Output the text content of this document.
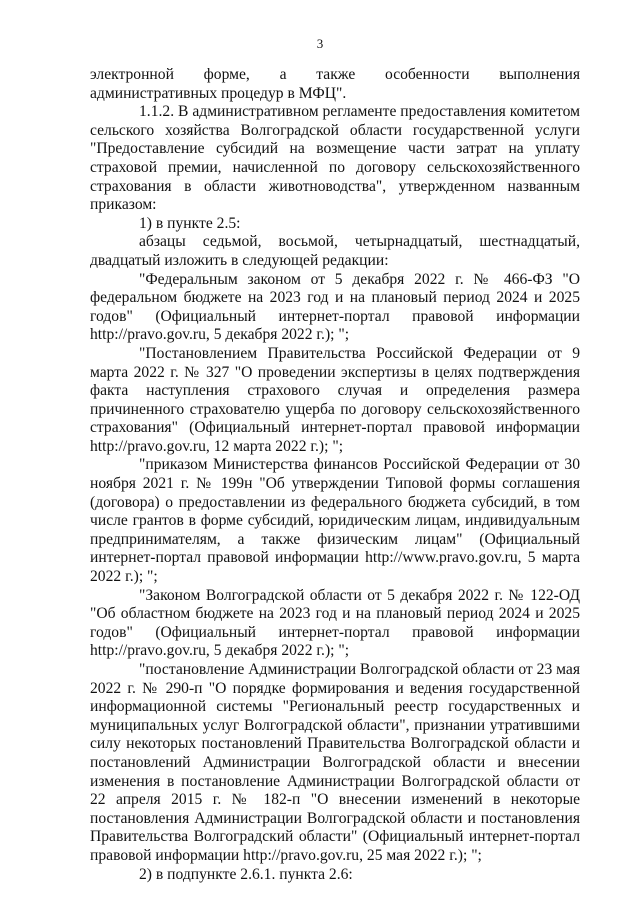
3

электронной форме, а также особенности выполнения административных процедур в МФЦ".

1.1.2. В административном регламенте предоставления комитетом сельского хозяйства Волгоградской области государственной услуги "Предоставление субсидий на возмещение части затрат на уплату страховой премии, начисленной по договору сельскохозяйственного страхования в области животноводства", утвержденном названным приказом:

1) в пункте 2.5:

абзацы седьмой, восьмой, четырнадцатый, шестнадцатый, двадцатый изложить в следующей редакции:

"Федеральным законом от 5 декабря 2022 г. № 466-ФЗ "О федеральном бюджете на 2023 год и на плановый период 2024 и 2025 годов" (Официальный интернет-портал правовой информации http://pravo.gov.ru, 5 декабря 2022 г.); ";

"Постановлением Правительства Российской Федерации от 9 марта 2022 г. № 327 "О проведении экспертизы в целях подтверждения факта наступления страхового случая и определения размера причиненного страхователю ущерба по договору сельскохозяйственного страхования" (Официальный интернет-портал правовой информации http://pravo.gov.ru, 12 марта 2022 г.); ";

"приказом Министерства финансов Российской Федерации от 30 ноября 2021 г. № 199н "Об утверждении Типовой формы соглашения (договора) о предоставлении из федерального бюджета субсидий, в том числе грантов в форме субсидий, юридическим лицам, индивидуальным предпринимателям, а также физическим лицам" (Официальный интернет-портал правовой информации http://www.pravo.gov.ru, 5 марта 2022 г.); ";

"Законом Волгоградской области от 5 декабря 2022 г. № 122-ОД "Об областном бюджете на 2023 год и на плановый период 2024 и 2025 годов" (Официальный интернет-портал правовой информации http://pravo.gov.ru, 5 декабря 2022 г.); ";

"постановление Администрации Волгоградской области от 23 мая 2022 г. № 290-п "О порядке формирования и ведения государственной информационной системы "Региональный реестр государственных и муниципальных услуг Волгоградской области", признании утратившими силу некоторых постановлений Правительства Волгоградской области и постановлений Администрации Волгоградской области и внесении изменения в постановление Администрации Волгоградской области от 22 апреля 2015 г. № 182-п "О внесении изменений в некоторые постановления Администрации Волгоградской области и постановления Правительства Волгоградский области" (Официальный интернет-портал правовой информации http://pravo.gov.ru, 25 мая 2022 г.); ";

2) в подпункте 2.6.1. пункта 2.6:
